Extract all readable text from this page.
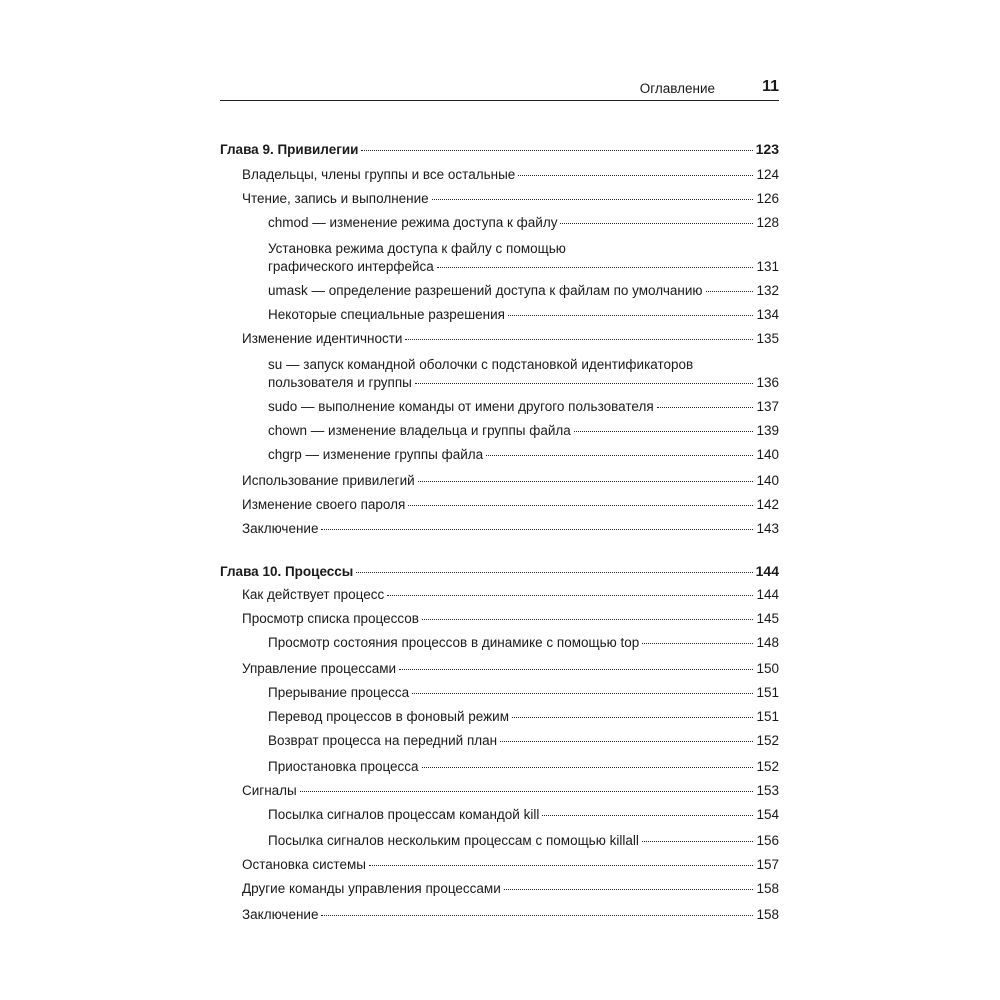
Оглавление	11
Глава 9. Привилегии	123
Владельцы, члены группы и все остальные	124
Чтение, запись и выполнение	126
chmod — изменение режима доступа к файлу	128
Установка режима доступа к файлу с помощью
графического интерфейса	131
umask — определение разрешений доступа к файлам по умолчанию	132
Некоторые специальные разрешения	134
Изменение идентичности	135
su — запуск командной оболочки с подстановкой идентификаторов
пользователя и группы	136
sudo — выполнение команды от имени другого пользователя	137
chown — изменение владельца и группы файла	139
chgrp — изменение группы файла	140
Использование привилегий	140
Изменение своего пароля	142
Заключение	143
Глава 10. Процессы	144
Как действует процесс	144
Просмотр списка процессов	145
Просмотр состояния процессов в динамике с помощью top	148
Управление процессами	150
Прерывание процесса	151
Перевод процессов в фоновый режим	151
Возврат процесса на передний план	152
Приостановка процесса	152
Сигналы	153
Посылка сигналов процессам командой kill	154
Посылка сигналов нескольким процессам с помощью killall	156
Остановка системы	157
Другие команды управления процессами	158
Заключение	158
